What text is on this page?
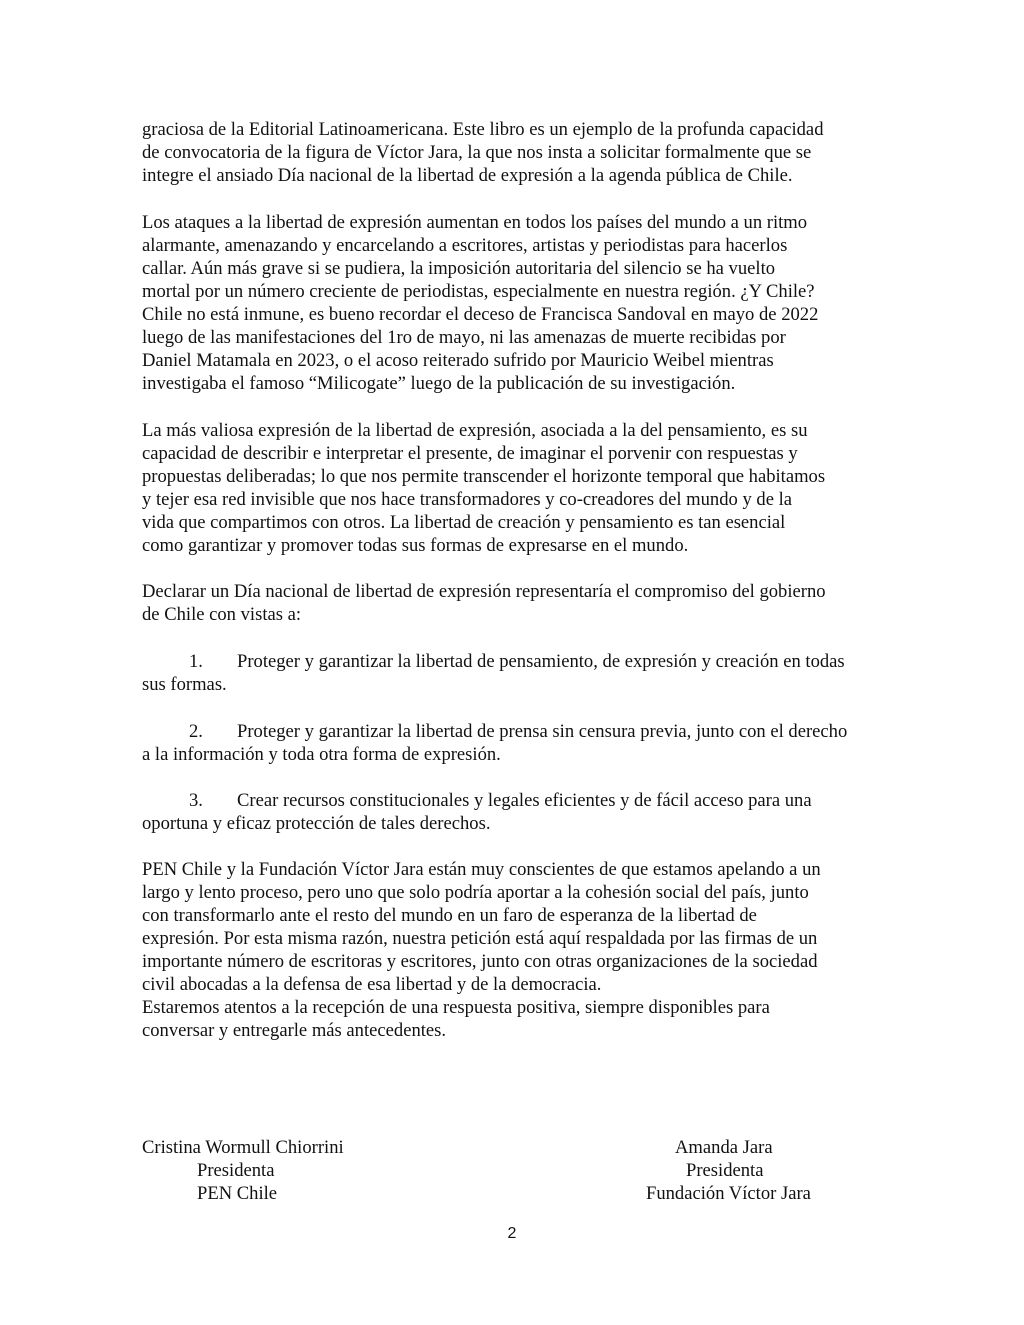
graciosa de la Editorial Latinoamericana. Este libro es un ejemplo de la profunda capacidad
de convocatoria de la figura de Víctor Jara, la que nos insta a solicitar formalmente que se
integre el ansiado Día nacional de la libertad de expresión a la agenda pública de Chile.
Los ataques a la libertad de expresión aumentan en todos los países del mundo a un ritmo
alarmante, amenazando y encarcelando a escritores, artistas y periodistas para hacerlos
callar. Aún más grave si se pudiera, la imposición autoritaria del silencio se ha vuelto
mortal por un número creciente de periodistas, especialmente en nuestra región. ¿Y Chile?
Chile no está inmune, es bueno recordar el deceso de Francisca Sandoval en mayo de 2022
luego de las manifestaciones del 1ro de mayo, ni las amenazas de muerte recibidas por
Daniel Matamala en 2023, o el acoso reiterado sufrido por Mauricio Weibel mientras
investigaba el famoso “Milicogate” luego de la publicación de su investigación.
La más valiosa expresión de la libertad de expresión, asociada a la del pensamiento, es su
capacidad de describir e interpretar el presente, de imaginar el porvenir con respuestas y
propuestas deliberadas; lo que nos permite transcender el horizonte temporal que habitamos
y tejer esa red invisible que nos hace transformadores y co-creadores del mundo y de la
vida que compartimos con otros. La libertad de creación y pensamiento es tan esencial
como garantizar y promover todas sus formas de expresarse en el mundo.
Declarar un Día nacional de libertad de expresión representaría el compromiso del gobierno
de Chile con vistas a:
1. Proteger y garantizar la libertad de pensamiento, de expresión y creación en todas
sus formas.
2. Proteger y garantizar la libertad de prensa sin censura previa, junto con el derecho
a la información y toda otra forma de expresión.
3. Crear recursos constitucionales y legales eficientes y de fácil acceso para una
oportuna y eficaz protección de tales derechos.
PEN Chile y la Fundación Víctor Jara están muy conscientes de que estamos apelando a un
largo y lento proceso, pero uno que solo podría aportar a la cohesión social del país, junto
con transformarlo ante el resto del mundo en un faro de esperanza de la libertad de
expresión. Por esta misma razón, nuestra petición está aquí respaldada por las firmas de un
importante número de escritoras y escritores, junto con otras organizaciones de la sociedad
civil abocadas a la defensa de esa libertad y de la democracia.
Estaremos atentos a la recepción de una respuesta positiva, siempre disponibles para
conversar y entregarle más antecedentes.
Cristina Wormull Chiorrini
Presidenta
PEN Chile
Amanda Jara
Presidenta
Fundación Víctor Jara
2
